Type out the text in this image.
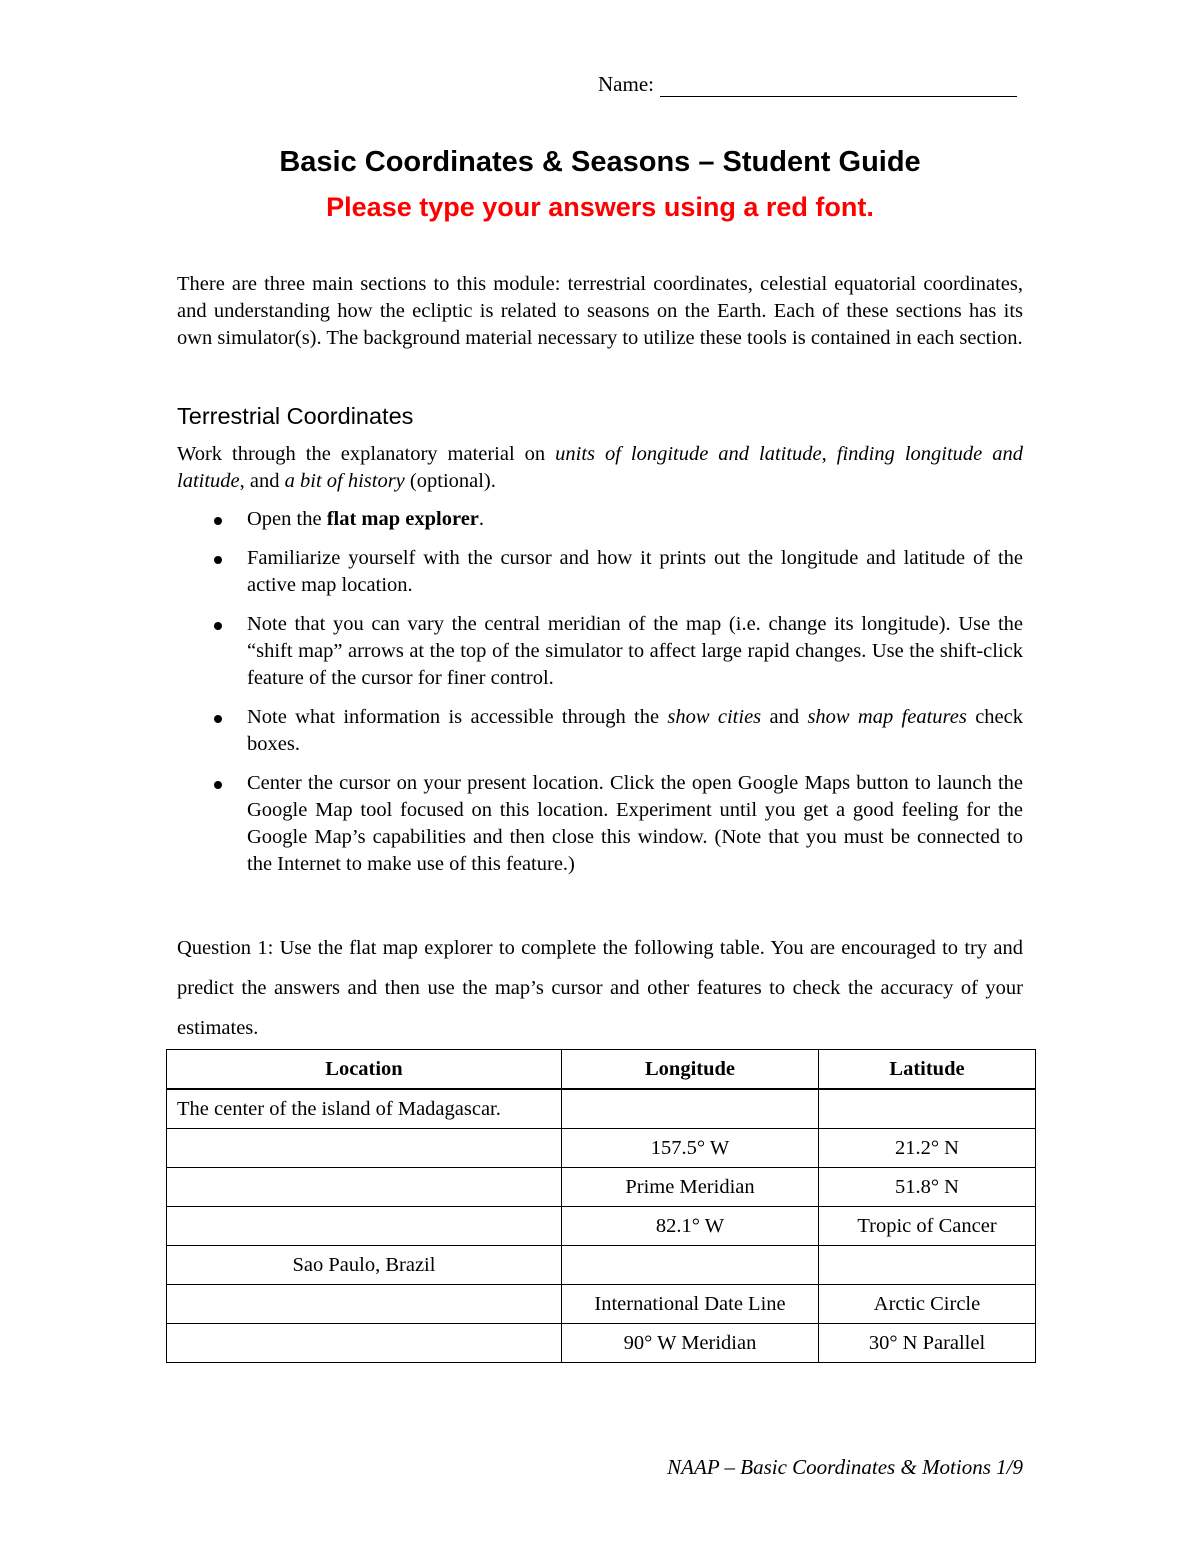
Name:
Basic Coordinates & Seasons – Student Guide
Please type your answers using a red font.

There are three main sections to this module: terrestrial coordinates, celestial equatorial coordinates, and understanding how the ecliptic is related to seasons on the Earth. Each of these sections has its own simulator(s). The background material necessary to utilize these tools is contained in each section.

Terrestrial Coordinates

Work through the explanatory material on units of longitude and latitude, finding longitude and latitude, and a bit of history (optional).

Open the flat map explorer.
Familiarize yourself with the cursor and how it prints out the longitude and latitude of the active map location.
Note that you can vary the central meridian of the map (i.e. change its longitude). Use the “shift map” arrows at the top of the simulator to affect large rapid changes. Use the shift-click feature of the cursor for finer control.
Note what information is accessible through the show cities and show map features check boxes.
Center the cursor on your present location. Click the open Google Maps button to launch the Google Map tool focused on this location. Experiment until you get a good feeling for the Google Map’s capabilities and then close this window. (Note that you must be connected to the Internet to make use of this feature.)

Question 1: Use the flat map explorer to complete the following table. You are encouraged to try and predict the answers and then use the map’s cursor and other features to check the accuracy of your estimates.

Location	Longitude	Latitude
The center of the island of Madagascar.		
	157.5° W	21.2° N
	Prime Meridian	51.8° N
	82.1° W	Tropic of Cancer
Sao Paulo, Brazil		
	International Date Line	Arctic Circle
	90° W Meridian	30° N Parallel
NAAP – Basic Coordinates & Motions 1/9
